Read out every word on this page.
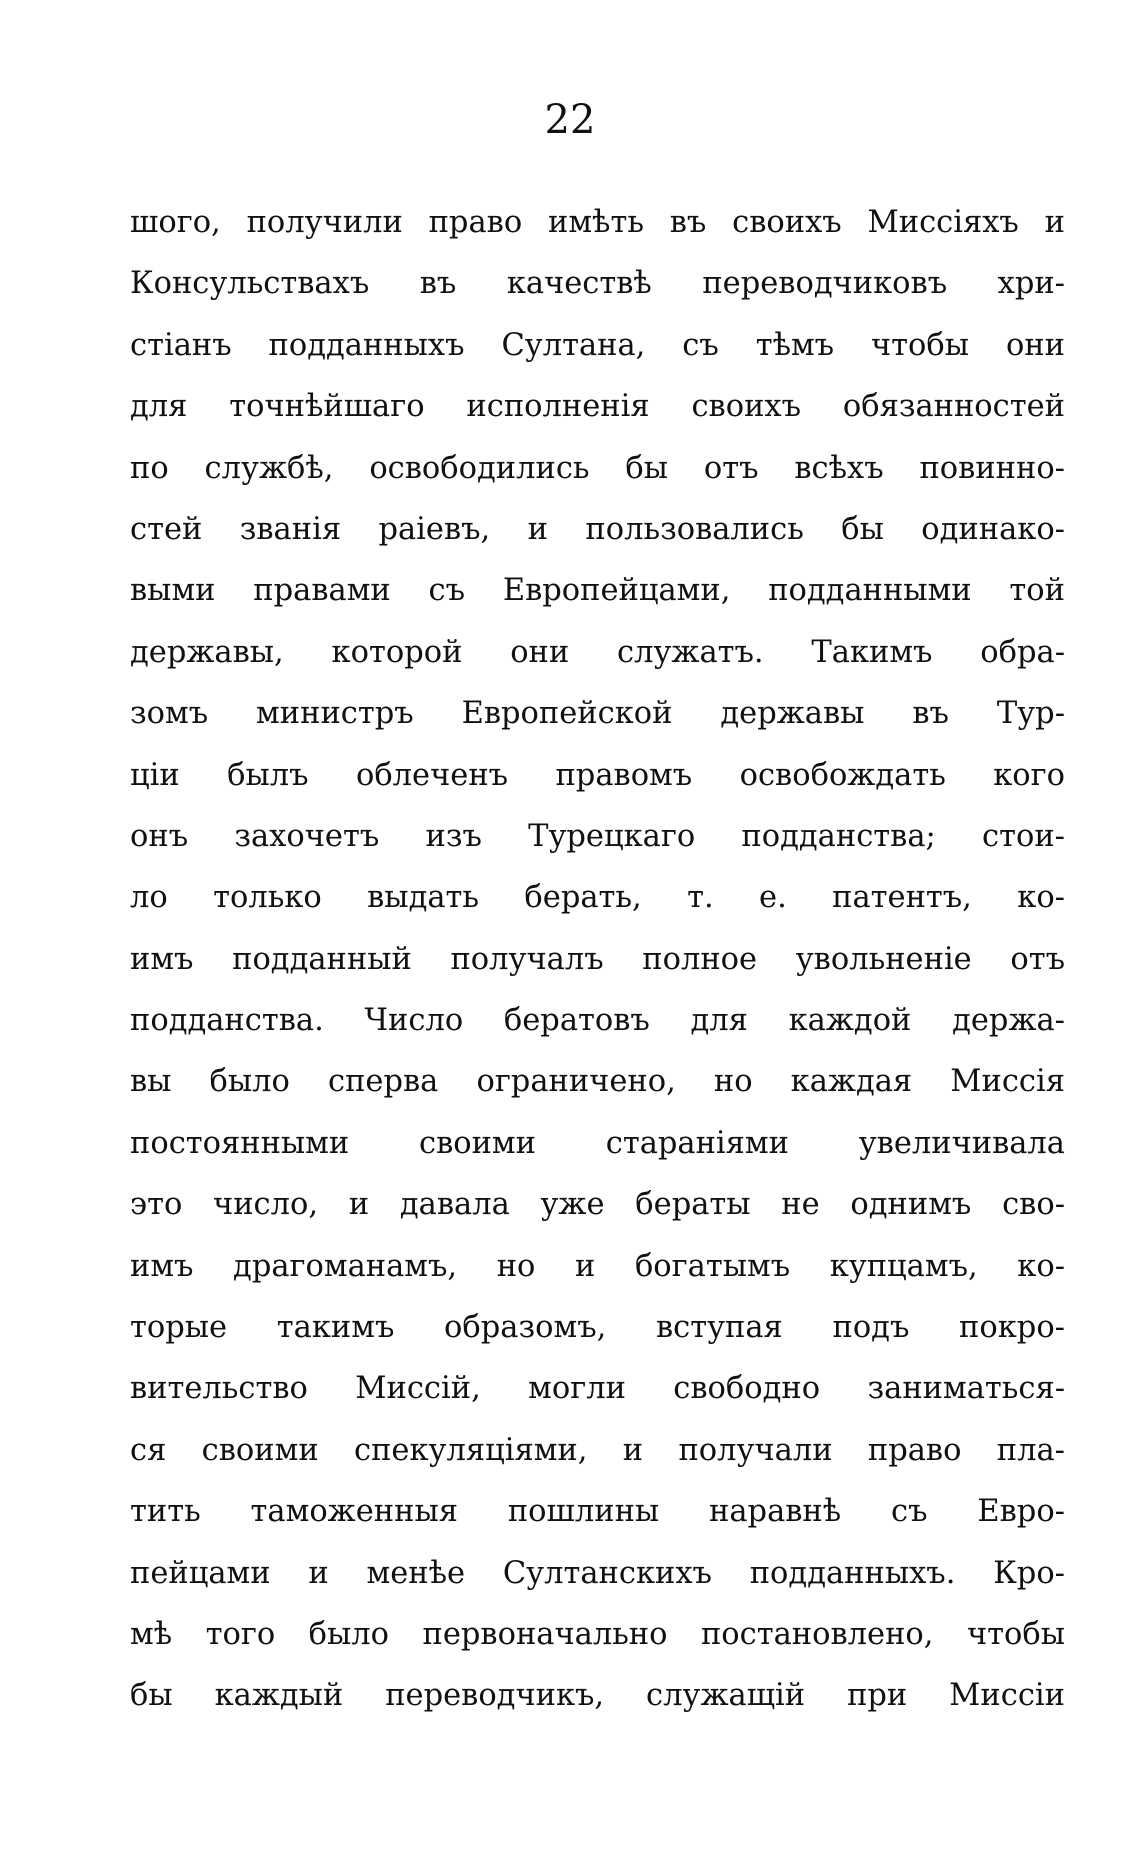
22
шого, получили право имѣть въ своихъ Миссіяхъ и
Консульствахъ въ качествѣ переводчиковъ хри-
стіанъ подданныхъ Султана, съ тѣмъ чтобы они
для точнѣйшаго исполненія своихъ обязанностей
по службѣ, освободились бы отъ всѣхъ повинно-
стей званія раіевъ, и пользовались бы одинако-
выми правами съ Европейцами, подданными той
державы, которой они служатъ. Такимъ обра-
зомъ министръ Европейской державы въ Тур-
ціи былъ облеченъ правомъ освобождать кого
онъ захочетъ изъ Турецкаго подданства; стои-
ло только выдать берать, т. е. патентъ, ко-
имъ подданный получалъ полное увольненіе отъ
подданства. Число бератовъ для каждой держа-
вы было сперва ограничено, но каждая Миссія
постоянными своими стараніями увеличивала
это число, и давала уже бераты не однимъ сво-
имъ драгоманамъ, но и богатымъ купцамъ, ко-
торые такимъ образомъ, вступая подъ покро-
вительство Миссій, могли свободно заниматься-
ся своими спекуляціями, и получали право пла-
тить таможенныя пошлины наравнѣ съ Евро-
пейцами и менѣе Султанскихъ подданныхъ. Кро-
мѣ того было первоначально постановлено, чтобы
бы каждый переводчикъ, служащій при Миссіи
